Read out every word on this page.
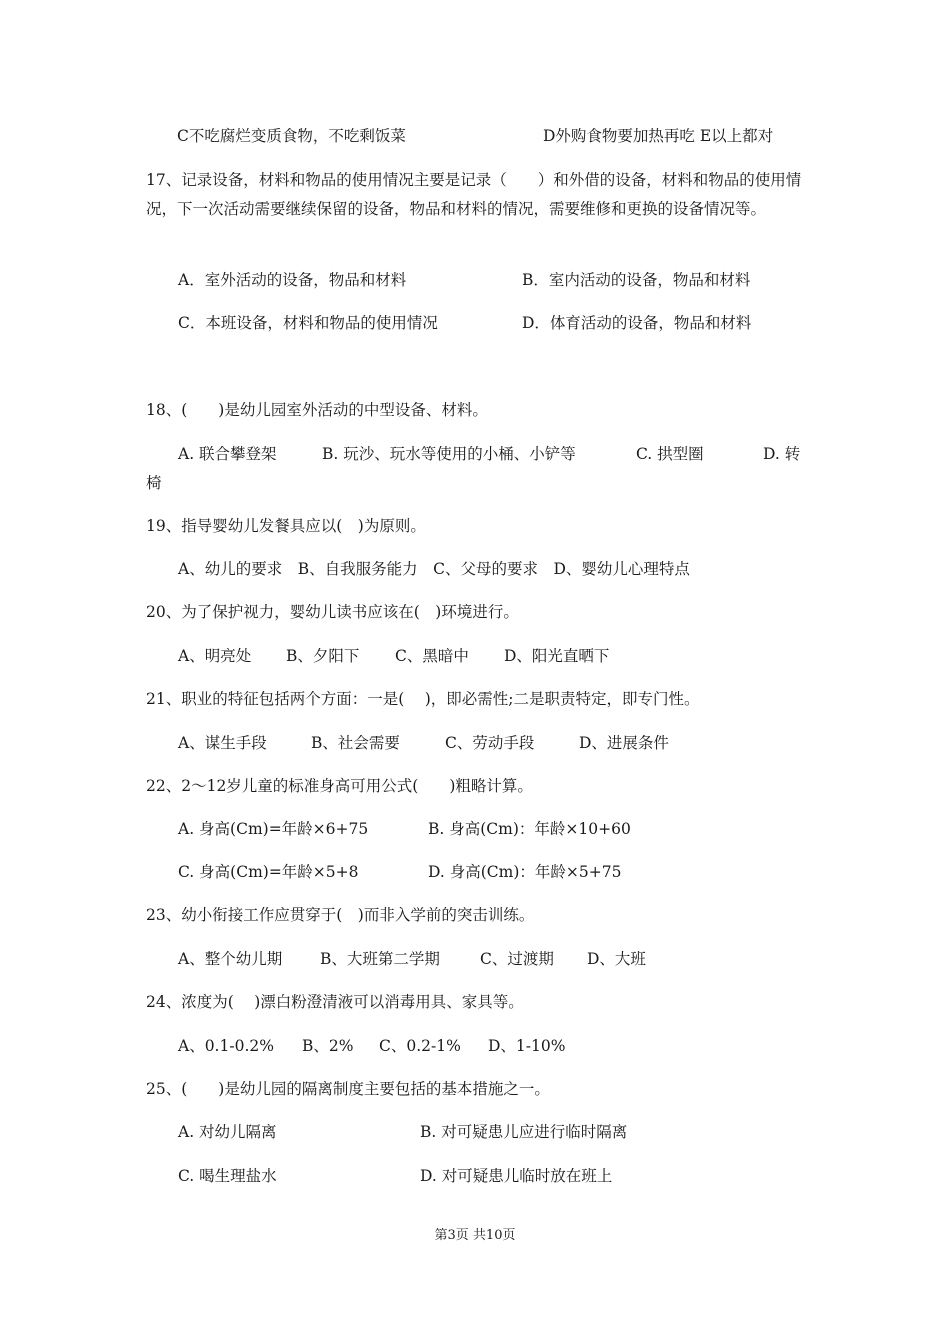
C不吃腐烂变质食物，不吃剩饭菜	D外购食物要加热再吃 E以上都对
17、记录设备，材料和物品的使用情况主要是记录（　　）和外借的设备，材料和物品的使用情况，下一次活动需要继续保留的设备，物品和材料的情况，需要维修和更换的设备情况等。
A．室外活动的设备，物品和材料	B．室内活动的设备，物品和材料
C．本班设备，材料和物品的使用情况	D．体育活动的设备，物品和材料
18、(　　)是幼儿园室外活动的中型设备、材料。
A. 联合攀登架	B. 玩沙、玩水等使用的小桶、小铲等	C. 拱型圈	D. 转
椅
19、指导婴幼儿发餐具应以(　)为原则。
A、幼儿的要求　B、自我服务能力　C、父母的要求　D、婴幼儿心理特点
20、为了保护视力，婴幼儿读书应该在(　)环境进行。
A、明亮处 B、夕阳下 C、黑暗中 D、阳光直晒下
21、职业的特征包括两个方面：一是(　 )，即必需性;二是职责特定，即专门性。
A、谋生手段	B、社会需要	C、劳动手段	D、进展条件
22、2～12岁儿童的标准身高可用公式(　　)粗略计算。
A. 身高(Cm)=年龄×6+75	B. 身高(Cm)：年龄×10+60
C. 身高(Cm)=年龄×5+8	D. 身高(Cm)：年龄×5+75
23、幼小衔接工作应贯穿于(　)而非入学前的突击训练。
A、整个幼儿期 B、大班第二学期	C、过渡期 D、大班
24、浓度为(　 )漂白粉澄清液可以消毒用具、家具等。
A、0.1-0.2% B、2% C、0.2-1% D、1-10%
25、(　　)是幼儿园的隔离制度主要包括的基本措施之一。
A. 对幼儿隔离	B. 对可疑患儿应进行临时隔离
C. 喝生理盐水	D. 对可疑患儿临时放在班上
第3页 共10页
